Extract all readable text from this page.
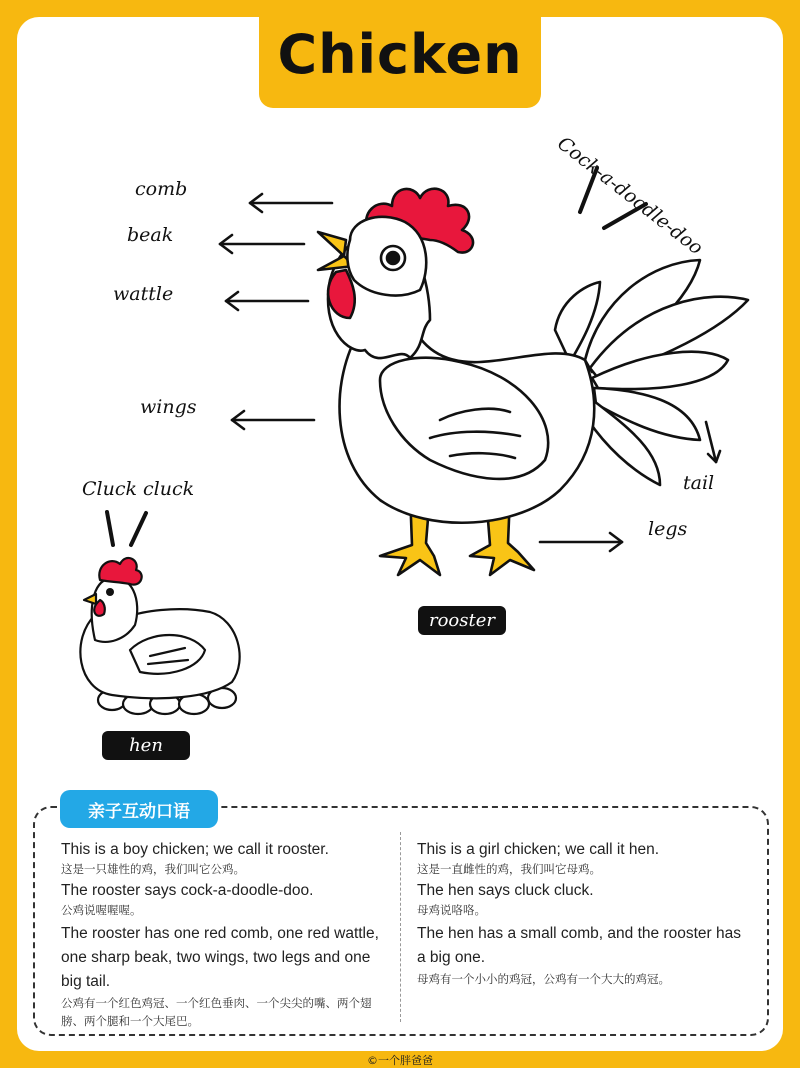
Chicken
comb
beak
wattle
wings
tail
legs
Cock-a-doodle-doo
Cluck cluck
rooster
hen
亲子互动口语

This is a boy chicken; we call it rooster.

这是一只雄性的鸡，我们叫它公鸡。

The rooster says cock-a-doodle-doo.

公鸡说喔喔喔。

The rooster has one red comb, one red wattle, one sharp beak, two wings, two legs and one big tail.

公鸡有一个红色鸡冠、一个红色垂肉、一个尖尖的嘴、两个翅膀、两个腿和一个大尾巴。

This is a girl chicken; we call it hen.

这是一直雌性的鸡，我们叫它母鸡。

The hen says cluck cluck.

母鸡说咯咯。

The hen has a small comb, and the rooster has a big one.

母鸡有一个小小的鸡冠，公鸡有一个大大的鸡冠。

©一个胖爸爸
